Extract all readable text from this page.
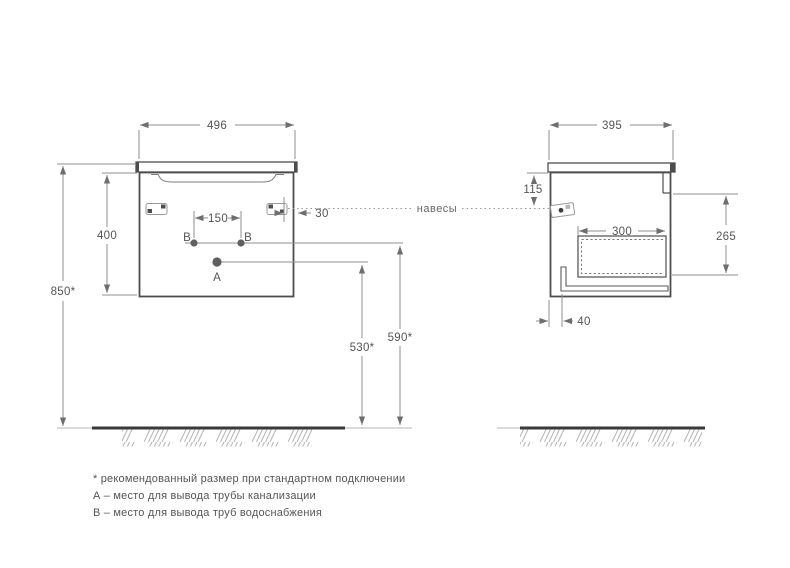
B	B
A
496
850*
400
150	30
590*
530*
навесы
395
115
300	265
40
* рекомендованный размер при стандартном подключении
А – место для вывода трубы канализации
В – место для вывода труб водоснабжения
